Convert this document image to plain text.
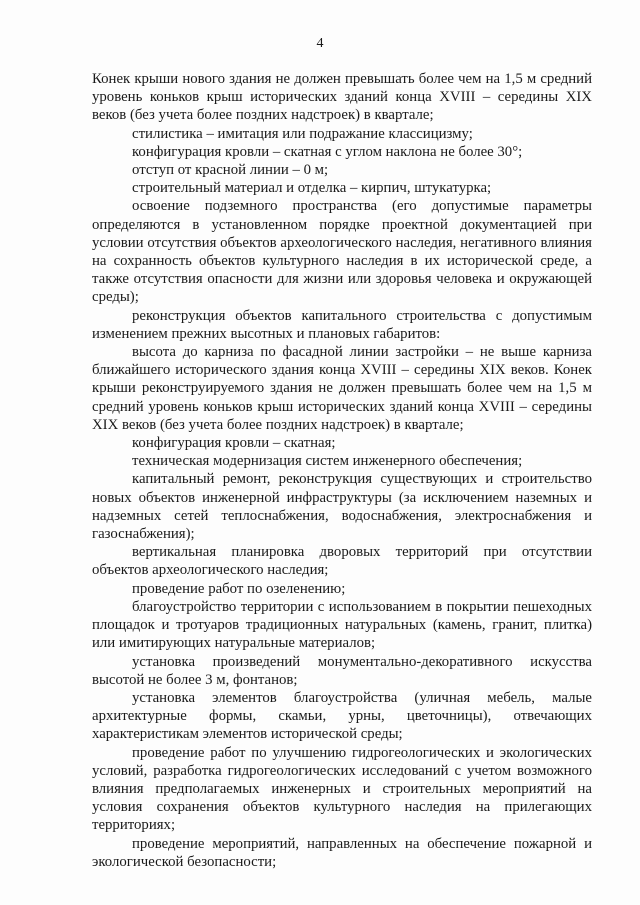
4

Конек крыши нового здания не должен превышать более чем на 1,5 м средний уровень коньков крыш исторических зданий конца XVIII – середины XIX веков (без учета более поздних надстроек) в квартале;

стилистика – имитация или подражание классицизму;

конфигурация кровли – скатная с углом наклона не более 30°;

отступ от красной линии – 0 м;

строительный материал и отделка – кирпич, штукатурка;

освоение подземного пространства (его допустимые параметры определяются в установленном порядке проектной документацией при условии отсутствия объектов археологического наследия, негативного влияния на сохранность объектов культурного наследия в их исторической среде, а также отсутствия опасности для жизни или здоровья человека и окружающей среды);

реконструкция объектов капитального строительства с допустимым изменением прежних высотных и плановых габаритов:

высота до карниза по фасадной линии застройки – не выше карниза ближайшего исторического здания конца XVIII – середины XIX веков. Конек крыши реконструируемого здания не должен превышать более чем на 1,5 м средний уровень коньков крыш исторических зданий конца XVIII – середины XIX веков (без учета более поздних надстроек) в квартале;

конфигурация кровли – скатная;

техническая модернизация систем инженерного обеспечения;

капитальный ремонт, реконструкция существующих и строительство новых объектов инженерной инфраструктуры (за исключением наземных и надземных сетей теплоснабжения, водоснабжения, электроснабжения и газоснабжения);

вертикальная планировка дворовых территорий при отсутствии объектов археологического наследия;

проведение работ по озеленению;

благоустройство территории с использованием в покрытии пешеходных площадок и тротуаров традиционных натуральных (камень, гранит, плитка) или имитирующих натуральные материалов;

установка произведений монументально-декоративного искусства высотой не более 3 м, фонтанов;

установка элементов благоустройства (уличная мебель, малые архитектурные формы, скамьи, урны, цветочницы), отвечающих характеристикам элементов исторической среды;

проведение работ по улучшению гидрогеологических и экологических условий, разработка гидрогеологических исследований с учетом возможного влияния предполагаемых инженерных и строительных мероприятий на условия сохранения объектов культурного наследия на прилегающих территориях;

проведение мероприятий, направленных на обеспечение пожарной и экологической безопасности;
